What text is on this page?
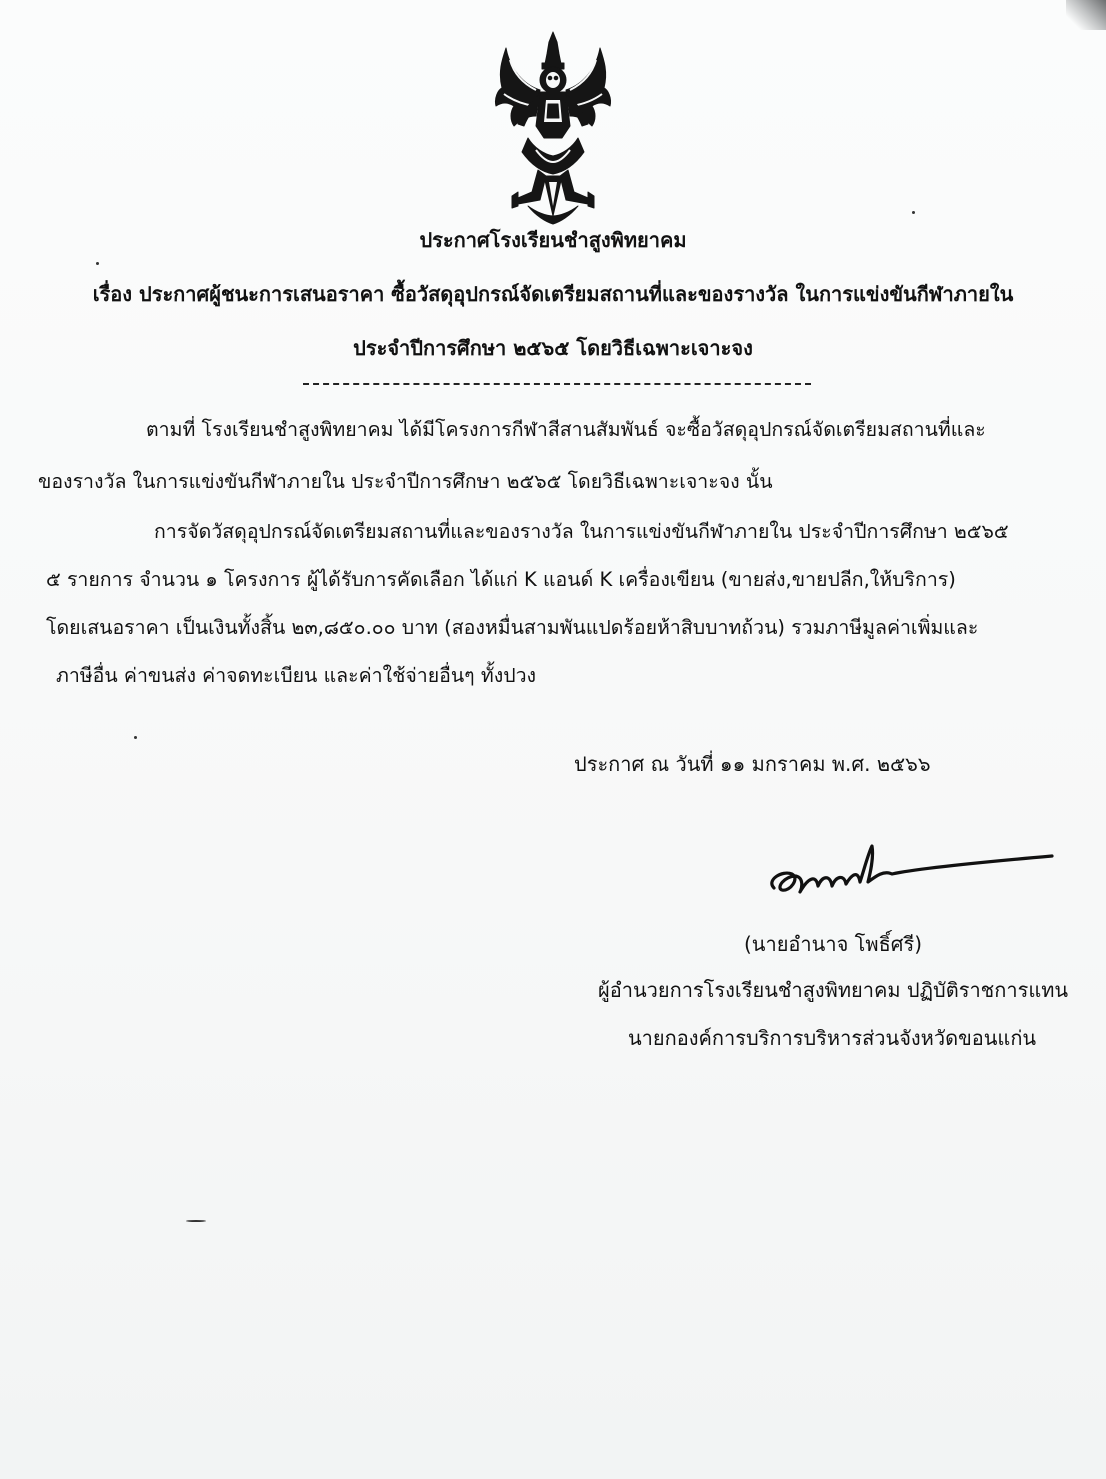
ประกาศโรงเรียนชำสูงพิทยาคม
เรื่อง ประกาศผู้ชนะการเสนอราคา ซื้อวัสดุอุปกรณ์จัดเตรียมสถานที่และของรางวัล ในการแข่งขันกีฬาภายใน
ประจำปีการศึกษา ๒๕๖๕ โดยวิธีเฉพาะเจาะจง
ตามที่ โรงเรียนชำสูงพิทยาคม ได้มีโครงการกีฬาสีสานสัมพันธ์ จะซื้อวัสดุอุปกรณ์จัดเตรียมสถานที่และ
ของรางวัล ในการแข่งขันกีฬาภายใน ประจำปีการศึกษา ๒๕๖๕ โดยวิธีเฉพาะเจาะจง นั้น
การจัดวัสดุอุปกรณ์จัดเตรียมสถานที่และของรางวัล ในการแข่งขันกีฬาภายใน ประจำปีการศึกษา ๒๕๖๕
๕ รายการ จำนวน ๑ โครงการ ผู้ได้รับการคัดเลือก ได้แก่ K แอนด์ K เครื่องเขียน (ขายส่ง,ขายปลีก,ให้บริการ)
โดยเสนอราคา เป็นเงินทั้งสิ้น ๒๓,๘๕๐.๐๐ บาท (สองหมื่นสามพันแปดร้อยห้าสิบบาทถ้วน) รวมภาษีมูลค่าเพิ่มและ
ภาษีอื่น ค่าขนส่ง ค่าจดทะเบียน และค่าใช้จ่ายอื่นๆ ทั้งปวง
ประกาศ ณ วันที่ ๑๑ มกราคม พ.ศ. ๒๕๖๖
(นายอำนาจ โพธิ์ศรี)
ผู้อำนวยการโรงเรียนชำสูงพิทยาคม ปฏิบัติราชการแทน
นายกองค์การบริการบริหารส่วนจังหวัดขอนแก่น
